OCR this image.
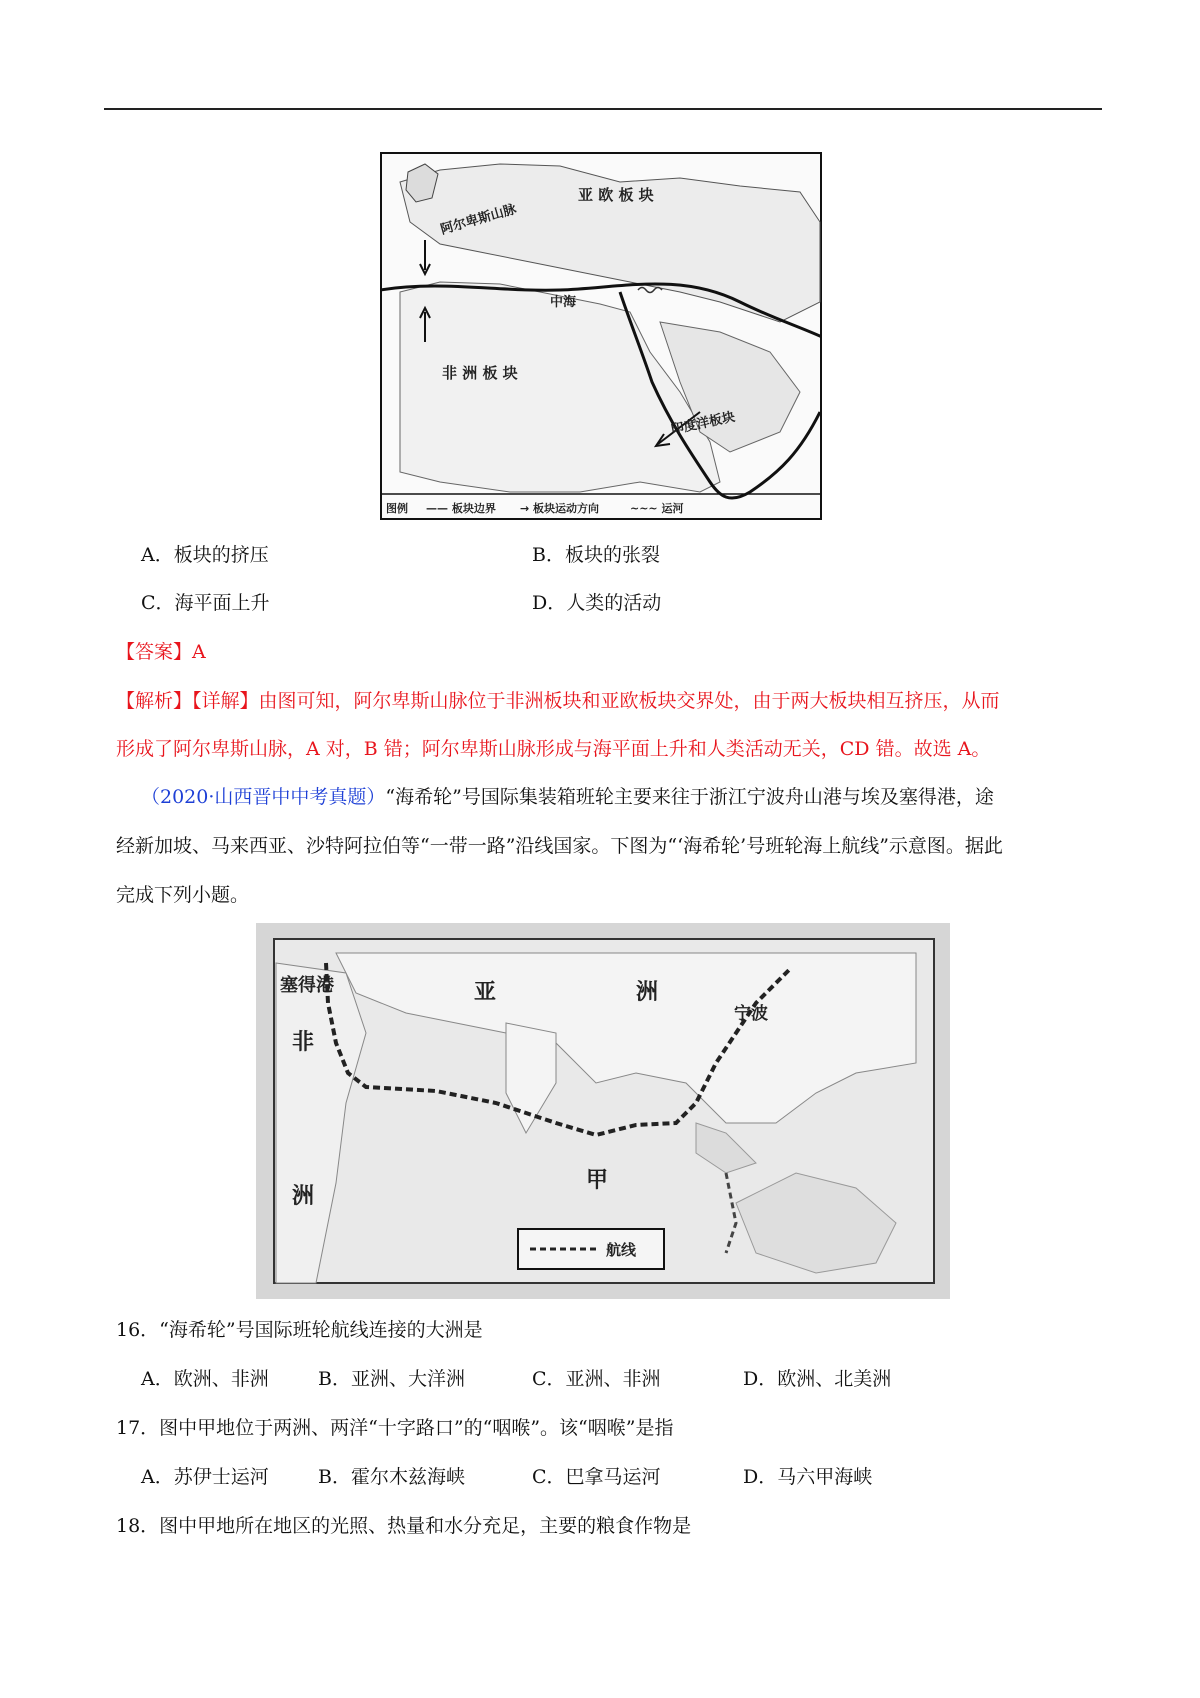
亚 欧 板 块
阿尔卑斯山脉
中海
非 洲 板 块
印度洋板块
图例 —— 板块边界 → 板块运动方向	~~~ 运河
A．板块的挤压	B．板块的张裂
C．海平面上升	D．人类的活动
【答案】A
【解析】【详解】由图可知，阿尔卑斯山脉位于非洲板块和亚欧板块交界处，由于两大板块相互挤压，从而
形成了阿尔卑斯山脉，A 对，B 错；阿尔卑斯山脉形成与海平面上升和人类活动无关，CD 错。故选 A。
（2020·山西晋中中考真题）“海希轮”号国际集装箱班轮主要来往于浙江宁波舟山港与埃及塞得港，途
经新加坡、马来西亚、沙特阿拉伯等“一带一路”沿线国家。下图为“‘海希轮’号班轮海上航线”示意图。据此
完成下列小题。
塞得港	亚	洲
宁波
非
洲
甲
航线
16．“海希轮”号国际班轮航线连接的大洲是
A．欧洲、非洲	B．亚洲、大洋洲	C．亚洲、非洲	D．欧洲、北美洲
17．图中甲地位于两洲、两洋“十字路口”的“咽喉”。该“咽喉”是指
A．苏伊士运河	B．霍尔木兹海峡	C．巴拿马运河	D．马六甲海峡
18．图中甲地所在地区的光照、热量和水分充足，主要的粮食作物是
